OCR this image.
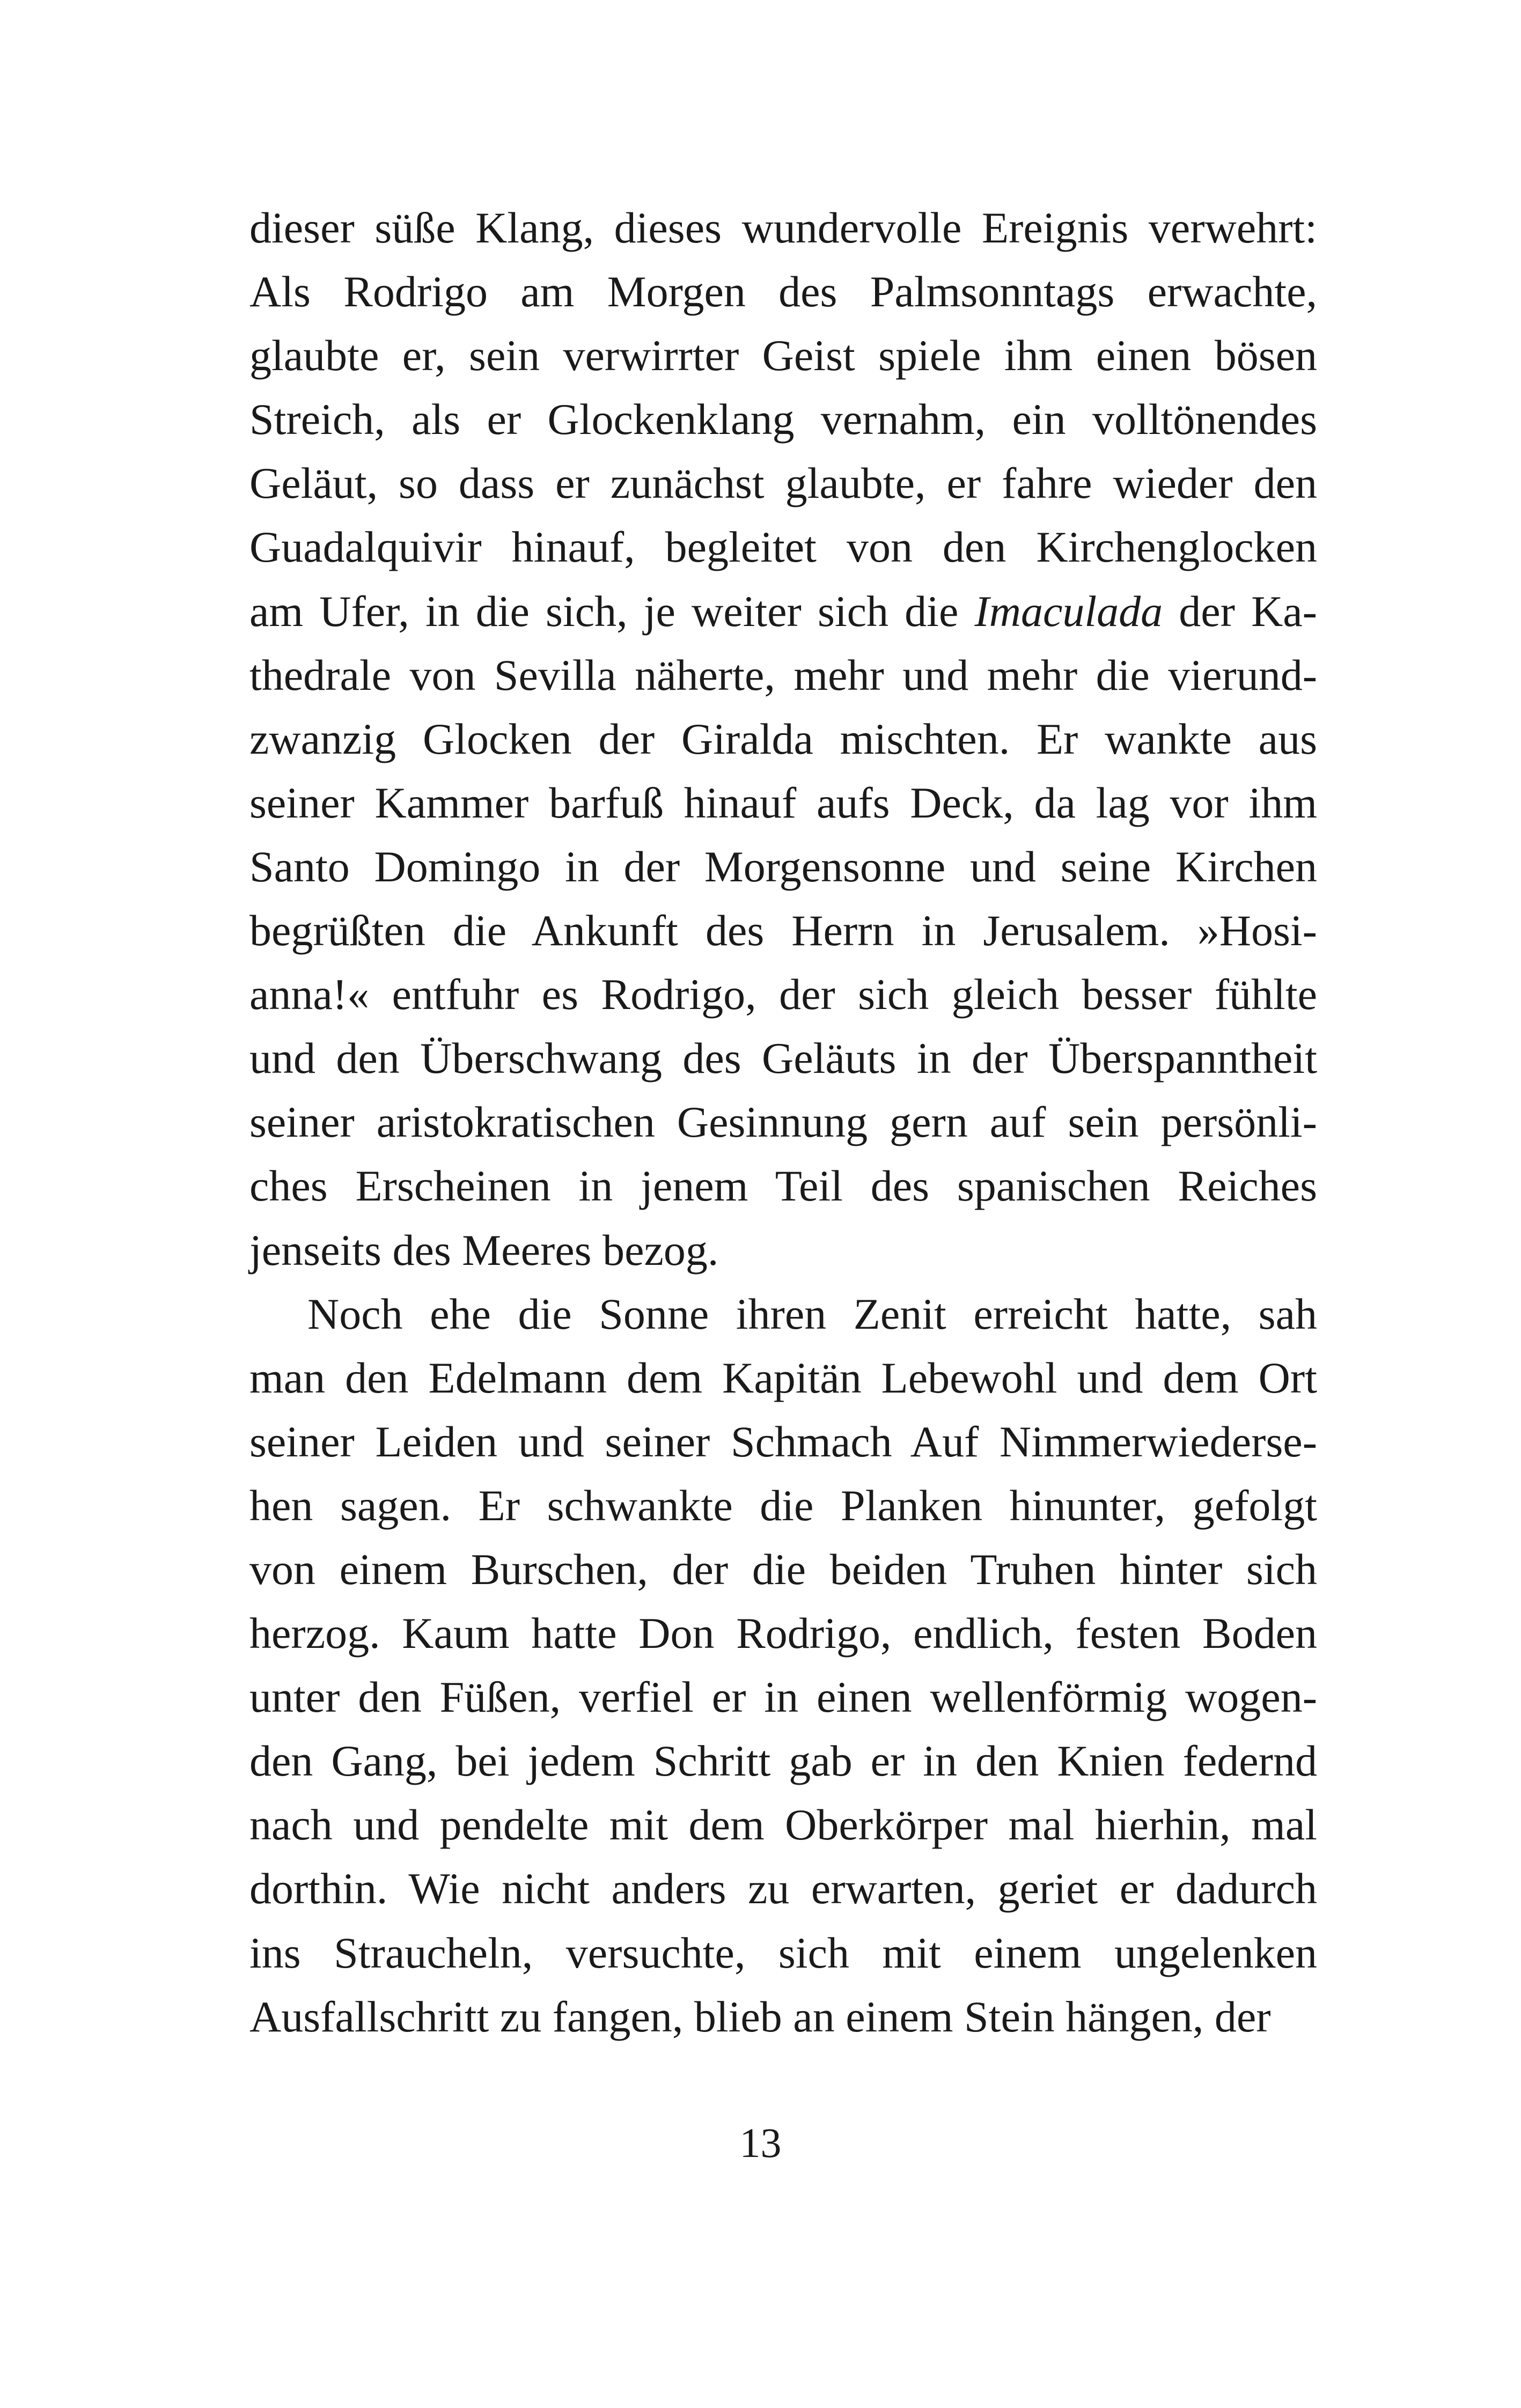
dieser süße Klang, dieses wundervolle Ereignis verwehrt:
Als Rodrigo am Morgen des Palmsonntags erwachte,
glaubte er, sein verwirrter Geist spiele ihm einen bösen
Streich, als er Glockenklang vernahm, ein volltönendes
Geläut, so dass er zunächst glaubte, er fahre wieder den
Guadalquivir hinauf, begleitet von den Kirchenglocken
am Ufer, in die sich, je weiter sich die Imaculada der Ka-
thedrale von Sevilla näherte, mehr und mehr die vierund-
zwanzig Glocken der Giralda mischten. Er wankte aus
seiner Kammer barfuß hinauf aufs Deck, da lag vor ihm
Santo Domingo in der Morgensonne und seine Kirchen
begrüßten die Ankunft des Herrn in Jerusalem. »Hosi-
anna!« entfuhr es Rodrigo, der sich gleich besser fühlte
und den Überschwang des Geläuts in der Überspanntheit
seiner aristokratischen Gesinnung gern auf sein persönli-
ches Erscheinen in jenem Teil des spanischen Reiches
jenseits des Meeres bezog.
Noch ehe die Sonne ihren Zenit erreicht hatte, sah
man den Edelmann dem Kapitän Lebewohl und dem Ort
seiner Leiden und seiner Schmach Auf Nimmerwiederse-
hen sagen. Er schwankte die Planken hinunter, gefolgt
von einem Burschen, der die beiden Truhen hinter sich
herzog. Kaum hatte Don Rodrigo, endlich, festen Boden
unter den Füßen, verfiel er in einen wellenförmig wogen-
den Gang, bei jedem Schritt gab er in den Knien federnd
nach und pendelte mit dem Oberkörper mal hierhin, mal
dorthin. Wie nicht anders zu erwarten, geriet er dadurch
ins Straucheln, versuchte, sich mit einem ungelenken
Ausfallschritt zu fangen, blieb an einem Stein hängen, der
13
